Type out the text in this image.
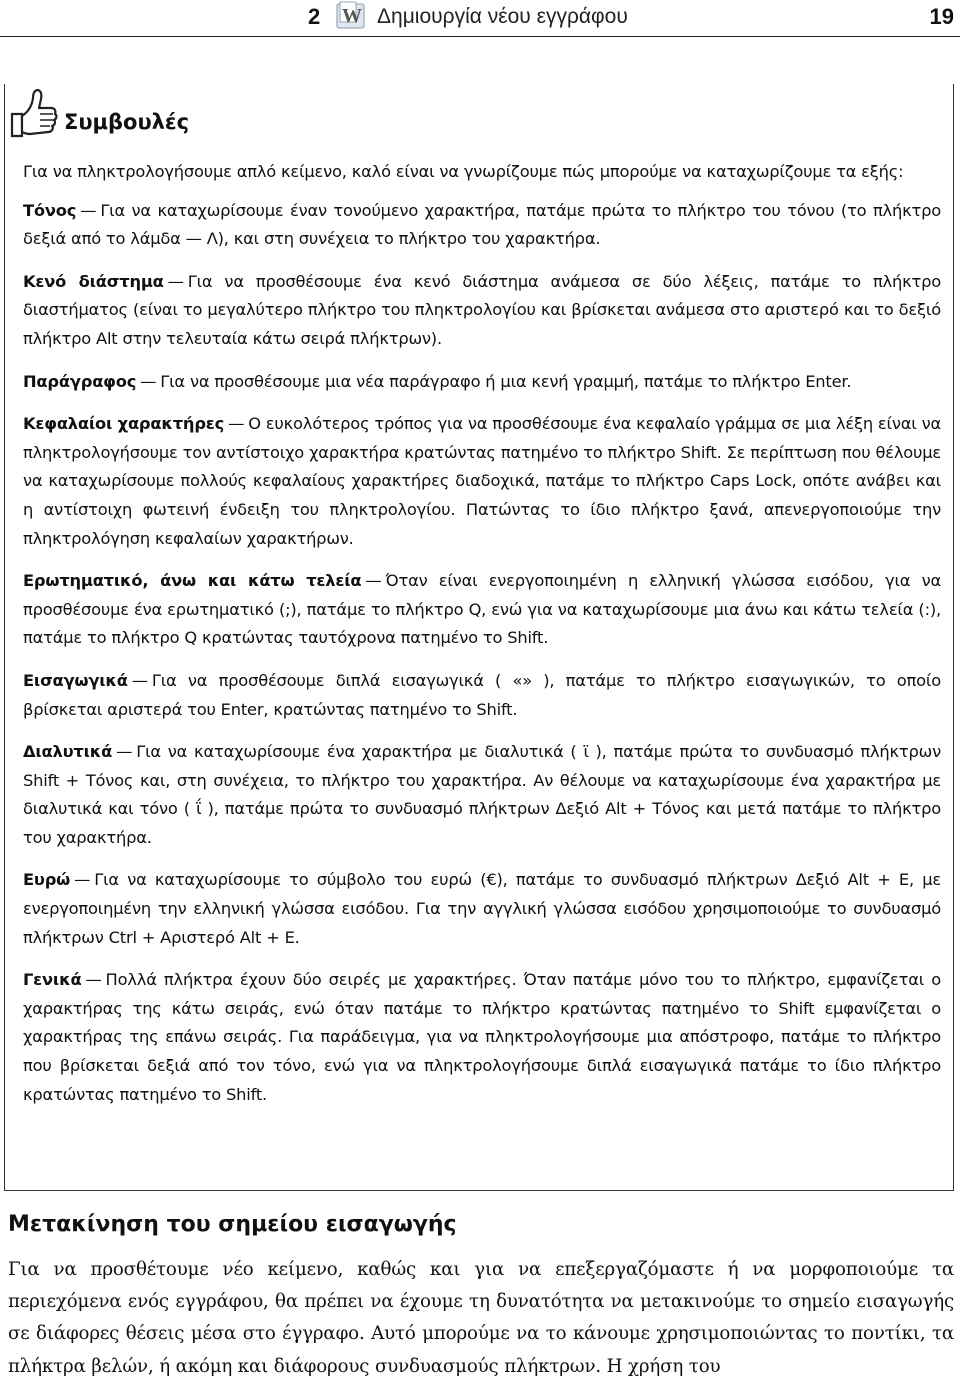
2 W Δημιουργία νέου εγγράφου	19
Συμβουλές

Για να πληκτρολογήσουμε απλό κείμενο, καλό είναι να γνωρίζουμε πώς μπορούμε να καταχωρίζουμε τα εξής:

Τόνος — Για να καταχωρίσουμε έναν τονούμενο χαρακτήρα, πατάμε πρώτα το πλήκτρο του τόνου (το πλήκτρο δεξιά από το λάμδα — Λ), και στη συνέχεια το πλήκτρο του χαρακτήρα.

Κενό διάστημα — Για να προσθέσουμε ένα κενό διάστημα ανάμεσα σε δύο λέξεις, πατάμε το πλήκτρο διαστήματος (είναι το μεγαλύτερο πλήκτρο του πληκτρολογίου και βρίσκεται ανάμεσα στο αριστερό και το δεξιό πλήκτρο Alt στην τελευταία κάτω σειρά πλήκτρων).

Παράγραφος — Για να προσθέσουμε μια νέα παράγραφο ή μια κενή γραμμή, πατάμε το πλήκτρο Enter.

Κεφαλαίοι χαρακτήρες — Ο ευκολότερος τρόπος για να προσθέσουμε ένα κεφαλαίο γράμμα σε μια λέξη είναι να πληκτρολογήσουμε τον αντίστοιχο χαρακτήρα κρατώντας πατημένο το πλήκτρο Shift. Σε περίπτωση που θέλουμε να καταχωρίσουμε πολλούς κεφαλαίους χαρακτήρες διαδοχικά, πατάμε το πλήκτρο Caps Lock, οπότε ανάβει και η αντίστοιχη φωτεινή ένδειξη του πληκτρολογίου. Πατώντας το ίδιο πλήκτρο ξανά, απενεργοποιούμε την πληκτρολόγηση κεφαλαίων χαρακτήρων.

Ερωτηματικό, άνω και κάτω τελεία — Όταν είναι ενεργοποιημένη η ελληνική γλώσσα εισόδου, για να προσθέσουμε ένα ερωτηματικό (;), πατάμε το πλήκτρο Q, ενώ για να καταχωρίσουμε μια άνω και κάτω τελεία (:), πατάμε το πλήκτρο Q κρατώντας ταυτόχρονα πατημένο το Shift.

Εισαγωγικά — Για να προσθέσουμε διπλά εισαγωγικά ( «» ), πατάμε το πλήκτρο εισαγωγικών, το οποίο βρίσκεται αριστερά του Enter, κρατώντας πατημένο το Shift.

Διαλυτικά — Για να καταχωρίσουμε ένα χαρακτήρα με διαλυτικά ( ϊ ), πατάμε πρώτα το συνδυασμό πλήκτρων Shift + Τόνος και, στη συνέχεια, το πλήκτρο του χαρακτήρα. Αν θέλουμε να καταχωρίσουμε ένα χαρακτήρα με διαλυτικά και τόνο ( ΐ ), πατάμε πρώτα το συνδυασμό πλήκτρων Δεξιό Alt + Τόνος και μετά πατάμε το πλήκτρο του χαρακτήρα.

Ευρώ — Για να καταχωρίσουμε το σύμβολο του ευρώ (€), πατάμε το συνδυασμό πλήκτρων Δεξιό Alt + E, με ενεργοποιημένη την ελληνική γλώσσα εισόδου. Για την αγγλική γλώσσα εισόδου χρησιμοποιούμε το συνδυασμό πλήκτρων Ctrl + Αριστερό Alt + E.

Γενικά — Πολλά πλήκτρα έχουν δύο σειρές με χαρακτήρες. Όταν πατάμε μόνο του το πλήκτρο, εμφανίζεται ο χαρακτήρας της κάτω σειράς, ενώ όταν πατάμε το πλήκτρο κρατώντας πατημένο το Shift εμφανίζεται ο χαρακτήρας της επάνω σειράς. Για παράδειγμα, για να πληκτρολογήσουμε μια απόστροφο, πατάμε το πλήκτρο που βρίσκεται δεξιά από τον τόνο, ενώ για να πληκτρολογήσουμε διπλά εισαγωγικά πατάμε το ίδιο πλήκτρο κρατώντας πατημένο το Shift.

Μετακίνηση του σημείου εισαγωγής
Για να προσθέτουμε νέο κείμενο, καθώς και για να επεξεργαζόμαστε ή να μορφοποιούμε τα περιεχόμενα ενός εγγράφου, θα πρέπει να έχουμε τη δυνατότητα να μετακινούμε το σημείο εισαγωγής σε διάφορες θέσεις μέσα στο έγγραφο. Αυτό μπορούμε να το κάνουμε χρησιμοποιώντας το ποντίκι, τα πλήκτρα βελών, ή ακόμη και διάφορους συνδυασμούς πλήκτρων. Η χρήση του
